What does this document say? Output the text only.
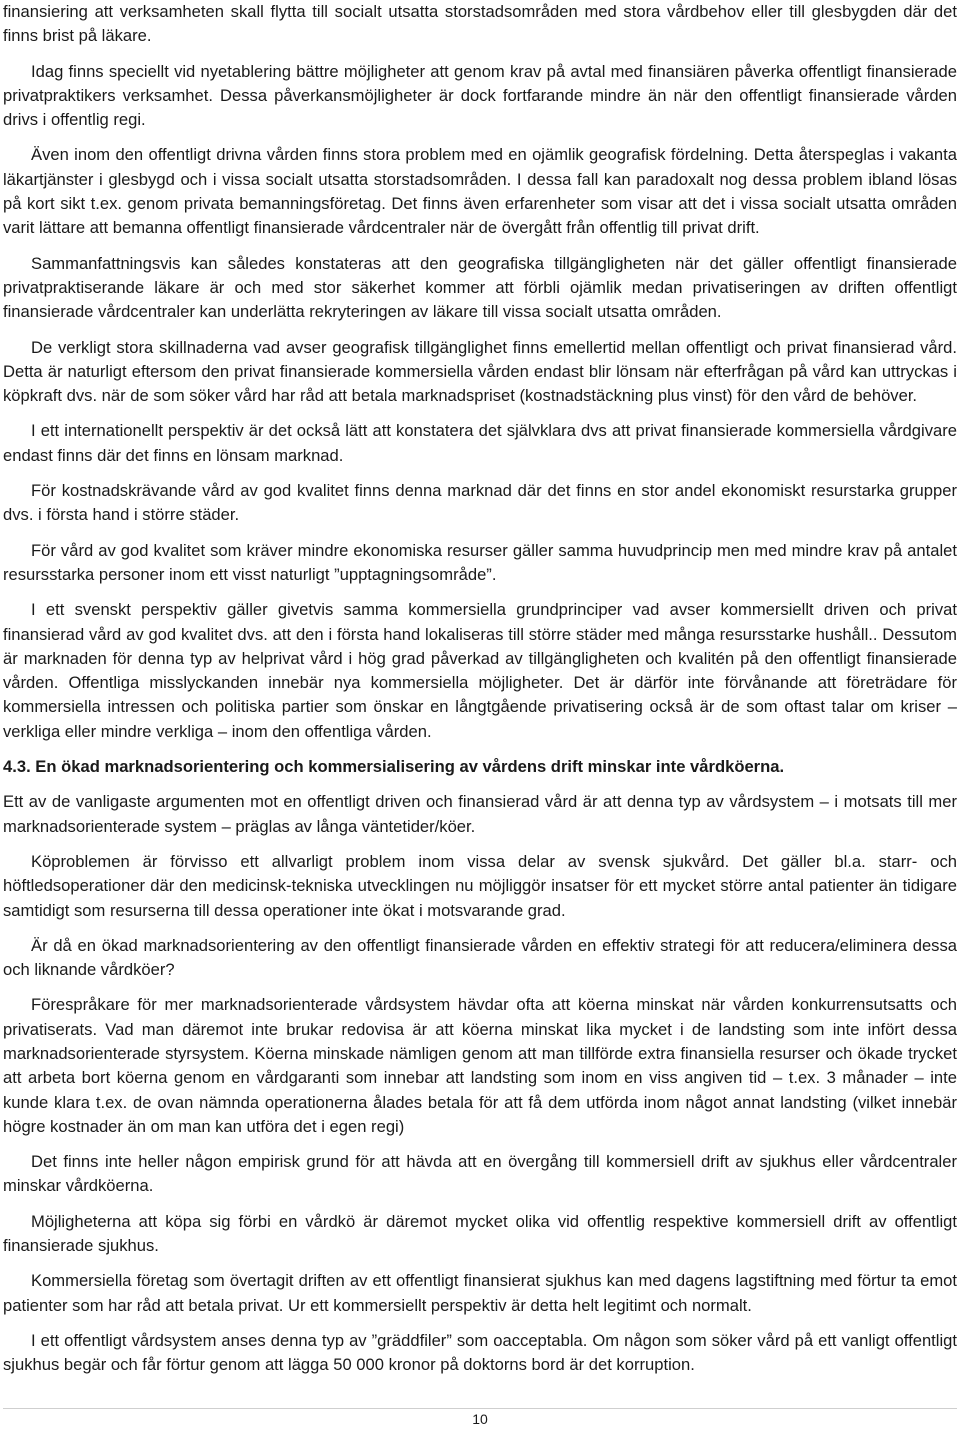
finansiering att verksamheten skall flytta till socialt utsatta storstadsområden med stora vårdbehov eller till glesbygden där det finns brist på läkare.

Idag finns speciellt vid nyetablering bättre möjligheter att genom krav på avtal med finansiären påverka offentligt finansierade privatpraktikers verksamhet. Dessa påverkansmöjligheter är dock fortfarande mindre än när den offentligt finansierade vården drivs i offentlig regi.

Även inom den offentligt drivna vården finns stora problem med en ojämlik geografisk fördelning. Detta återspeglas i vakanta läkartjänster i glesbygd och i vissa socialt utsatta storstadsområden. I dessa fall kan paradoxalt nog dessa problem ibland lösas på kort sikt t.ex. genom privata bemanningsföretag. Det finns även erfarenheter som visar att det i vissa socialt utsatta områden varit lättare att bemanna offentligt finansierade vårdcentraler när de övergått från offentlig till privat drift.

Sammanfattningsvis kan således konstateras att den geografiska tillgängligheten när det gäller offentligt finansierade privatpraktiserande läkare är och med stor säkerhet kommer att förbli ojämlik medan privatiseringen av driften offentligt finansierade vårdcentraler kan underlätta rekryteringen av läkare till vissa socialt utsatta områden.

De verkligt stora skillnaderna vad avser geografisk tillgänglighet finns emellertid mellan offentligt och privat finansierad vård. Detta är naturligt eftersom den privat finansierade kommersiella vården endast blir lönsam när efterfrågan på vård kan uttryckas i köpkraft dvs. när de som söker vård har råd att betala marknadspriset (kostnadstäckning plus vinst) för den vård de behöver.

I ett internationellt perspektiv är det också lätt att konstatera det självklara dvs att privat finansierade kommersiella vårdgivare endast finns där det finns en lönsam marknad.

För kostnadskrävande vård av god kvalitet finns denna marknad där det finns en stor andel ekonomiskt resurstarka grupper dvs. i första hand i större städer.

För vård av god kvalitet som kräver mindre ekonomiska resurser gäller samma huvudprincip men med mindre krav på antalet resursstarka personer inom ett visst naturligt ”upptagningsområde”.

I ett svenskt perspektiv gäller givetvis samma kommersiella grundprinciper vad avser kommersiellt driven och privat finansierad vård av god kvalitet dvs. att den i första hand lokaliseras till större städer med många resursstarke hushåll.. Dessutom är marknaden för denna typ av helprivat vård i hög grad påverkad av tillgängligheten och kvalitén på den offentligt finansierade vården. Offentliga misslyckanden innebär nya kommersiella möjligheter. Det är därför inte förvånande att företrädare för kommersiella intressen och politiska partier som önskar en långtgående privatisering också är de som oftast talar om kriser – verkliga eller mindre verkliga – inom den offentliga vården.

4.3. En ökad marknadsorientering och kommersialisering av vårdens drift minskar inte vårdköerna.

Ett av de vanligaste argumenten mot en offentligt driven och finansierad vård är att denna typ av vårdsystem – i motsats till mer marknadsorienterade system – präglas av långa väntetider/köer.

Köproblemen är förvisso ett allvarligt problem inom vissa delar av svensk sjukvård. Det gäller bl.a. starr- och höftledsoperationer där den medicinsk-tekniska utvecklingen nu möjliggör insatser för ett mycket större antal patienter än tidigare samtidigt som resurserna till dessa operationer inte ökat i motsvarande grad.

Är då en ökad marknadsorientering av den offentligt finansierade vården en effektiv strategi för att reducera/eliminera dessa och liknande vårdköer?

Förespråkare för mer marknadsorienterade vårdsystem hävdar ofta att köerna minskat när vården konkurrensutsatts och privatiserats. Vad man däremot inte brukar redovisa är att köerna minskat lika mycket i de landsting som inte infört dessa marknadsorienterade styrsystem. Köerna minskade nämligen genom att man tillförde extra finansiella resurser och ökade trycket att arbeta bort köerna genom en vårdgaranti som innebar att landsting som inom en viss angiven tid – t.ex. 3 månader – inte kunde klara t.ex. de ovan nämnda operationerna ålades betala för att få dem utförda inom något annat landsting (vilket innebär högre kostnader än om man kan utföra det i egen regi)

Det finns inte heller någon empirisk grund för att hävda att en övergång till kommersiell drift av sjukhus eller vårdcentraler minskar vårdköerna.

Möjligheterna att köpa sig förbi en vårdkö är däremot mycket olika vid offentlig respektive kommersiell drift av offentligt finansierade sjukhus.

Kommersiella företag som övertagit driften av ett offentligt finansierat sjukhus kan med dagens lagstiftning med förtur ta emot patienter som har råd att betala privat. Ur ett kommersiellt perspektiv är detta helt legitimt och normalt.

I ett offentligt vårdsystem anses denna typ av ”gräddfiler” som oacceptabla. Om någon som söker vård på ett vanligt offentligt sjukhus begär och får förtur genom att lägga 50 000 kronor på doktorns bord är det korruption.

10
